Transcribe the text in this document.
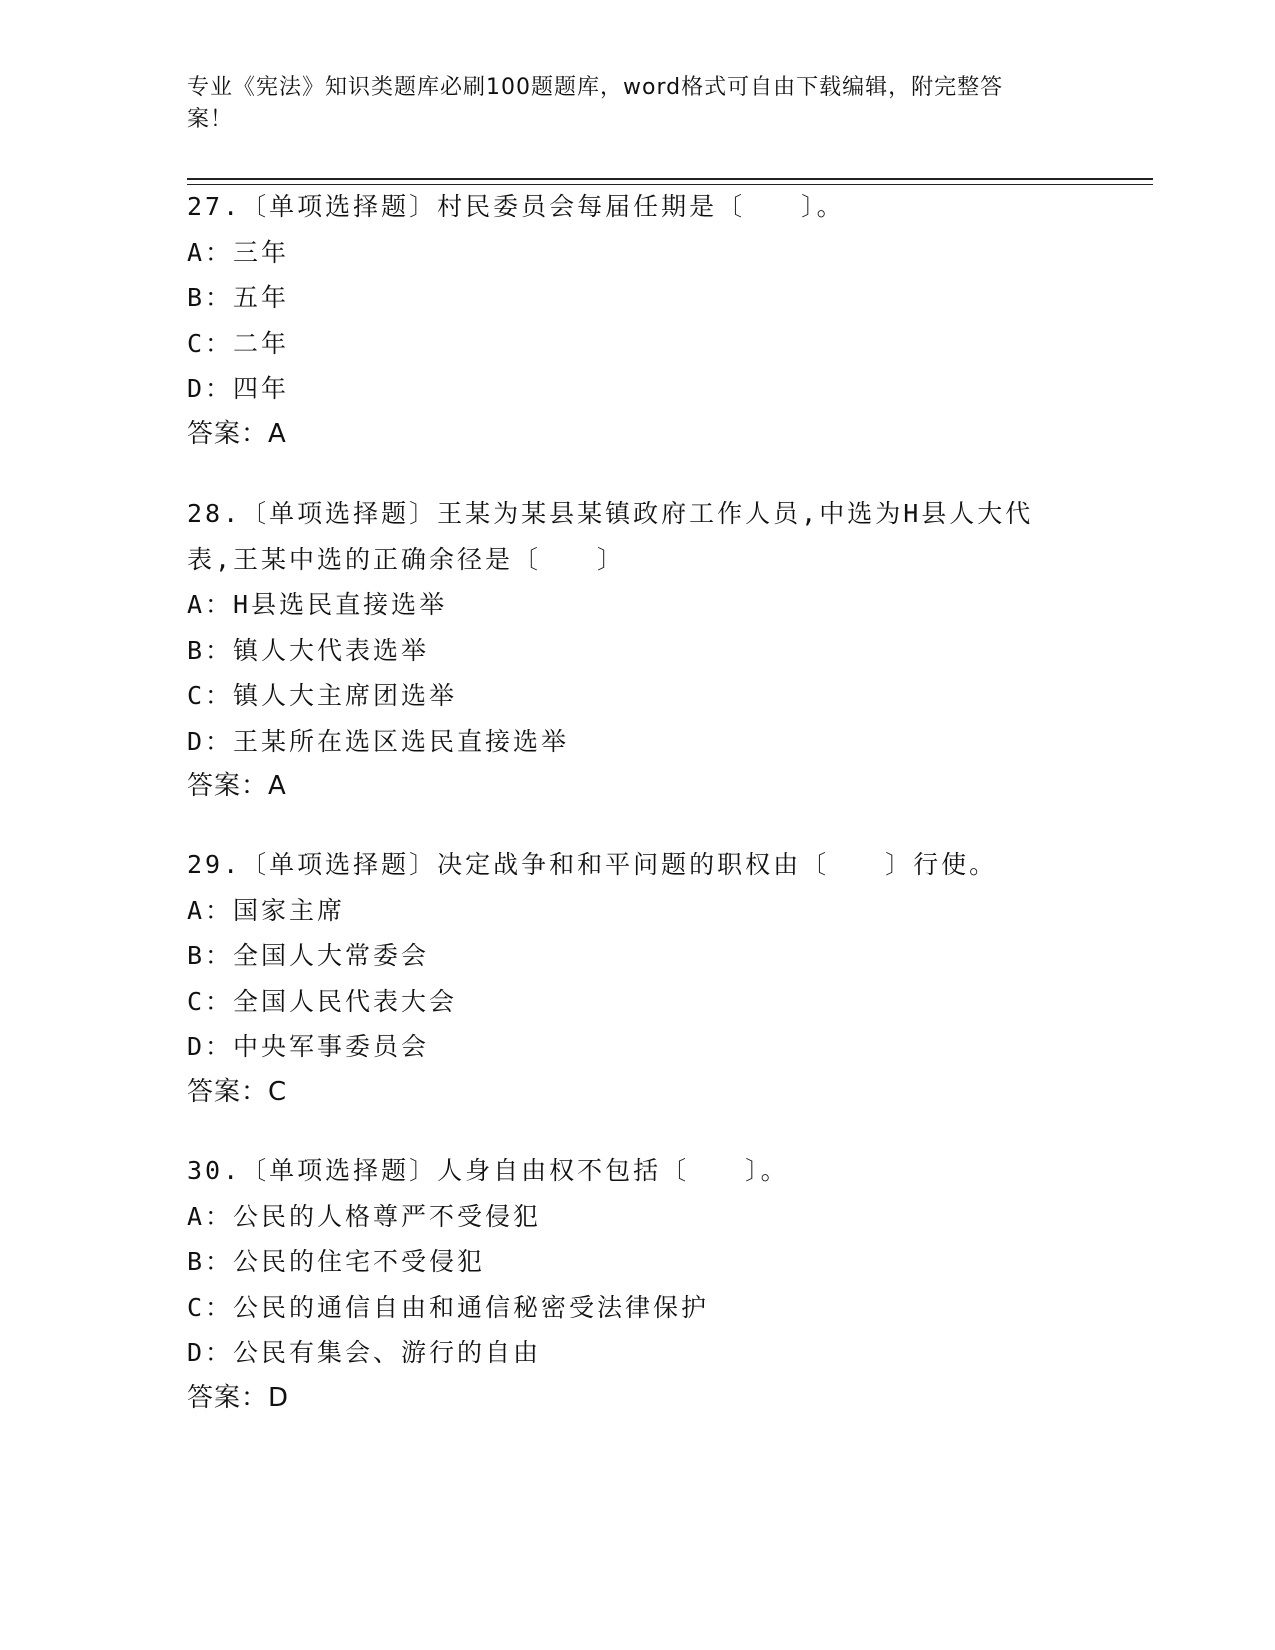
专业《宪法》知识类题库必刷100题题库，word格式可自由下载编辑，附完整答
案！
27.〔单项选择题〕村民委员会每届任期是〔　　〕。
A：三年
B：五年
C：二年
D：四年
答案：A
28.〔单项选择题〕王某为某县某镇政府工作人员,中选为H县人大代
表,王某中选的正确余径是〔　　〕
A：H县选民直接选举
B：镇人大代表选举
C：镇人大主席团选举
D：王某所在选区选民直接选举
答案：A
29.〔单项选择题〕决定战争和和平问题的职权由〔　　〕行使。
A：国家主席
B：全国人大常委会
C：全国人民代表大会
D：中央军事委员会
答案：C
30.〔单项选择题〕人身自由权不包括〔　　〕。
A：公民的人格尊严不受侵犯
B：公民的住宅不受侵犯
C：公民的通信自由和通信秘密受法律保护
D：公民有集会、游行的自由
答案：D
